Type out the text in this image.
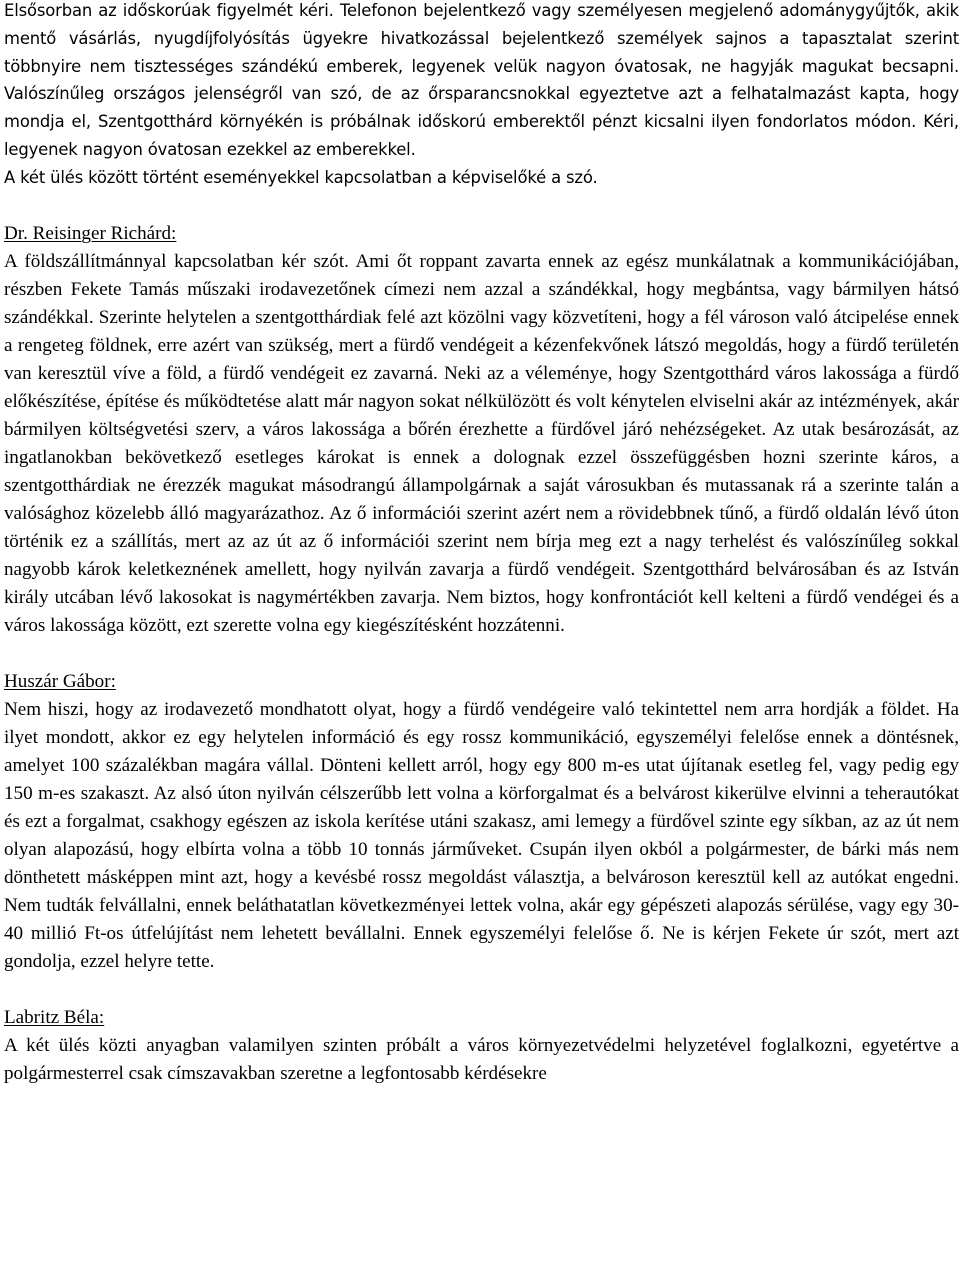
Elsősorban az időskorúak figyelmét kéri. Telefonon bejelentkező vagy személyesen megjelenő adománygyűjtők, akik mentő vásárlás, nyugdíjfolyósítás ügyekre hivatkozással bejelentkező személyek sajnos a tapasztalat szerint többnyire nem tisztességes szándékú emberek, legyenek velük nagyon óvatosak, ne hagyják magukat becsapni. Valószínűleg országos jelenségről van szó, de az őrsparancsnokkal egyeztetve azt a felhatalmazást kapta, hogy mondja el, Szentgotthárd környékén is próbálnak időskorú emberektől pénzt kicsalni ilyen fondorlatos módon. Kéri, legyenek nagyon óvatosan ezekkel az emberekkel.

A két ülés között történt eseményekkel kapcsolatban a képviselőké a szó.

Dr. Reisinger Richárd:

A földszállítmánnyal kapcsolatban kér szót. Ami őt roppant zavarta ennek az egész munkálatnak a kommunikációjában, részben Fekete Tamás műszaki irodavezetőnek címezi nem azzal a szándékkal, hogy megbántsa, vagy bármilyen hátsó szándékkal. Szerinte helytelen a szentgotthárdiak felé azt közölni vagy közvetíteni, hogy a fél városon való átcipelése ennek a rengeteg földnek, erre azért van szükség, mert a fürdő vendégeit a kézenfekvőnek látszó megoldás, hogy a fürdő területén van keresztül víve a föld, a fürdő vendégeit ez zavarná. Neki az a véleménye, hogy Szentgotthárd város lakossága a fürdő előkészítése, építése és működtetése alatt már nagyon sokat nélkülözött és volt kénytelen elviselni akár az intézmények, akár bármilyen költségvetési szerv, a város lakossága a bőrén érezhette a fürdővel járó nehézségeket. Az utak besározását, az ingatlanokban bekövetkező esetleges károkat is ennek a dolognak ezzel összefüggésben hozni szerinte káros, a szentgotthárdiak ne érezzék magukat másodrangú állampolgárnak a saját városukban és mutassanak rá a szerinte talán a valósághoz közelebb álló magyarázathoz. Az ő információi szerint azért nem a rövidebbnek tűnő, a fürdő oldalán lévő úton történik ez a szállítás, mert az az út az ő információi szerint nem bírja meg ezt a nagy terhelést és valószínűleg sokkal nagyobb károk keletkeznének amellett, hogy nyilván zavarja a fürdő vendégeit. Szentgotthárd belvárosában és az István király utcában lévő lakosokat is nagymértékben zavarja. Nem biztos, hogy konfrontációt kell kelteni a fürdő vendégei és a város lakossága között, ezt szerette volna egy kiegészítésként hozzátenni.

Huszár Gábor:

Nem hiszi, hogy az irodavezető mondhatott olyat, hogy a fürdő vendégeire való tekintettel nem arra hordják a földet. Ha ilyet mondott, akkor ez egy helytelen információ és egy rossz kommunikáció, egyszemélyi felelőse ennek a döntésnek, amelyet 100 százalékban magára vállal. Dönteni kellett arról, hogy egy 800 m-es utat újítanak esetleg fel, vagy pedig egy 150 m-es szakaszt. Az alsó úton nyilván célszerűbb lett volna a körforgalmat és a belvárost kikerülve elvinni a teherautókat és ezt a forgalmat, csakhogy egészen az iskola kerítése utáni szakasz, ami lemegy a fürdővel szinte egy síkban, az az út nem olyan alapozású, hogy elbírta volna a több 10 tonnás járműveket. Csupán ilyen okból a polgármester, de bárki más nem dönthetett másképpen mint azt, hogy a kevésbé rossz megoldást választja, a belvároson keresztül kell az autókat engedni. Nem tudták felvállalni, ennek beláthatatlan következményei lettek volna, akár egy gépészeti alapozás sérülése, vagy egy 30-40 millió Ft-os útfelújítást nem lehetett bevállalni. Ennek egyszemélyi felelőse ő. Ne is kérjen Fekete úr szót, mert azt gondolja, ezzel helyre tette.

Labritz Béla:

A két ülés közti anyagban valamilyen szinten próbált a város környezetvédelmi helyzetével foglalkozni, egyetértve a polgármesterrel csak címszavakban szeretne a legfontosabb kérdésekre
